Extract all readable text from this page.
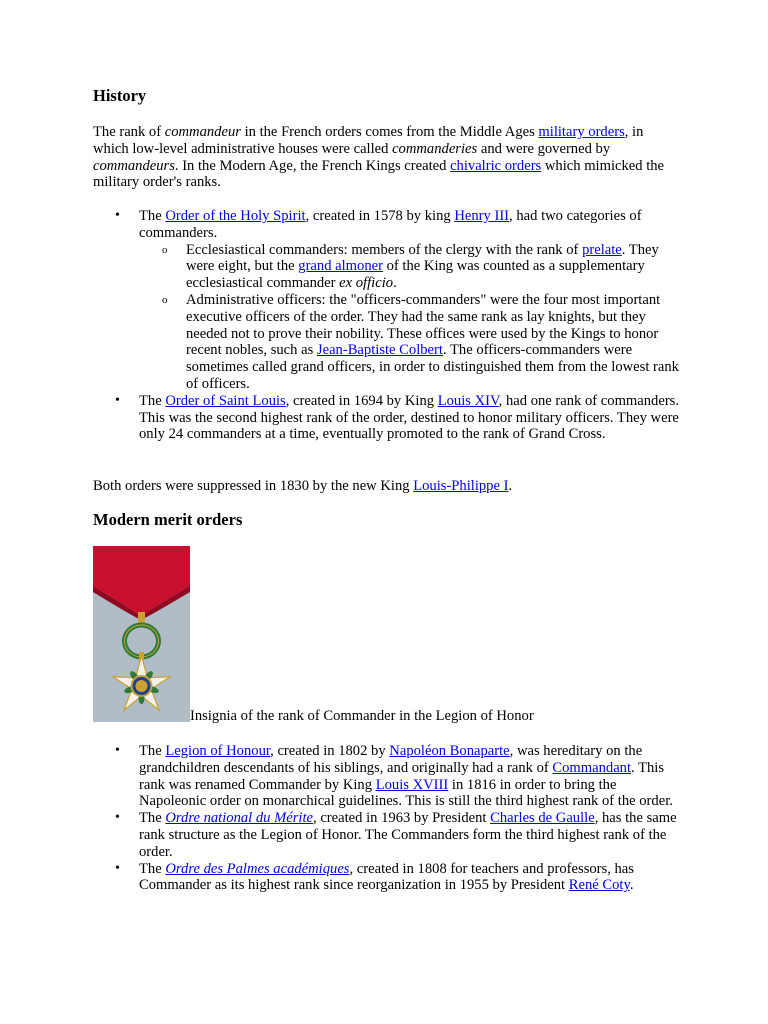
History

The rank of commandeur in the French orders comes from the Middle Ages military orders, in which low-level administrative houses were called commanderies and were governed by commandeurs. In the Modern Age, the French Kings created chivalric orders which mimicked the military order's ranks.

• The Order of the Holy Spirit, created in 1578 by king Henry III, had two categories of commanders.
o Ecclesiastical commanders: members of the clergy with the rank of prelate. They were eight, but the grand almoner of the King was counted as a supplementary ecclesiastical commander ex officio.
o Administrative officers: the "officers-commanders" were the four most important executive officers of the order. They had the same rank as lay knights, but they needed not to prove their nobility. These offices were used by the Kings to honor recent nobles, such as Jean-Baptiste Colbert. The officers-commanders were sometimes called grand officers, in order to distinguished them from the lowest rank of officers.
• The Order of Saint Louis, created in 1694 by King Louis XIV, had one rank of commanders. This was the second highest rank of the order, destined to honor military officers. They were only 24 commanders at a time, eventually promoted to the rank of Grand Cross.

Both orders were suppressed in 1830 by the new King Louis-Philippe I.

Modern merit orders
Insignia of the rank of Commander in the Legion of Honor
• The Legion of Honour, created in 1802 by Napoléon Bonaparte, was hereditary on the grandchildren descendants of his siblings, and originally had a rank of Commandant. This rank was renamed Commander by King Louis XVIII in 1816 in order to bring the Napoleonic order on monarchical guidelines. This is still the third highest rank of the order.
• The Ordre national du Mérite, created in 1963 by President Charles de Gaulle, has the same rank structure as the Legion of Honor. The Commanders form the third highest rank of the order.
• The Ordre des Palmes académiques, created in 1808 for teachers and professors, has Commander as its highest rank since reorganization in 1955 by President René Coty.
